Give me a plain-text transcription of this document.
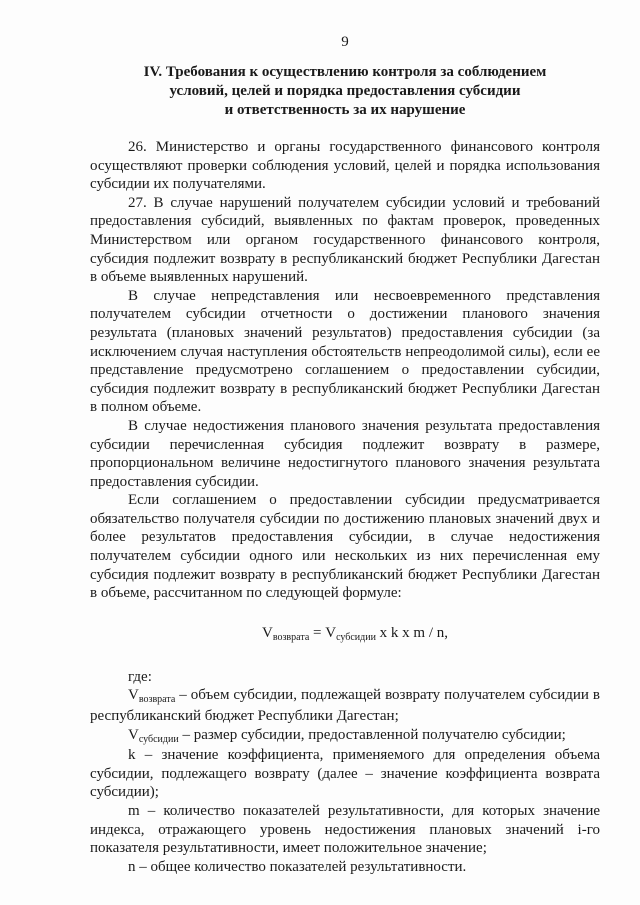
9
IV. Требования к осуществлению контроля за соблюдением
условий, целей и порядка предоставления субсидии
и ответственность за их нарушение

26. Министерство и органы государственного финансового контроля осуществляют проверки соблюдения условий, целей и порядка использования субсидии их получателями.

27. В случае нарушений получателем субсидии условий и требований предоставления субсидий, выявленных по фактам проверок, проведенных Министерством или органом государственного финансового контроля, субсидия подлежит возврату в республиканский бюджет Республики Дагестан в объеме выявленных нарушений.

В случае непредставления или несвоевременного представления получателем субсидии отчетности о достижении планового значения результата (плановых значений результатов) предоставления субсидии (за исключением случая наступления обстоятельств непреодолимой силы), если ее представление предусмотрено соглашением о предоставлении субсидии, субсидия подлежит возврату в республиканский бюджет Республики Дагестан в полном объеме.

В случае недостижения планового значения результата предоставления субсидии перечисленная субсидия подлежит возврату в размере, пропорциональном величине недостигнутого планового значения результата предоставления субсидии.

Если соглашением о предоставлении субсидии предусматривается обязательство получателя субсидии по достижению плановых значений двух и более результатов предоставления субсидии, в случае недостижения получателем субсидии одного или нескольких из них перечисленная ему субсидия подлежит возврату в республиканский бюджет Республики Дагестан в объеме, рассчитанном по следующей формуле:

$V_{возврата} = V_{субсидии}$ x k x m / n,

где:

$V_{возврата}$ – объем субсидии, подлежащей возврату получателем субсидии в республиканский бюджет Республики Дагестан;

$V_{субсидии}$ – размер субсидии, предоставленной получателю субсидии;

k – значение коэффициента, применяемого для определения объема субсидии, подлежащего возврату (далее – значение коэффициента возврата субсидии);

m – количество показателей результативности, для которых значение индекса, отражающего уровень недостижения плановых значений i-го показателя результативности, имеет положительное значение;

n – общее количество показателей результативности.
